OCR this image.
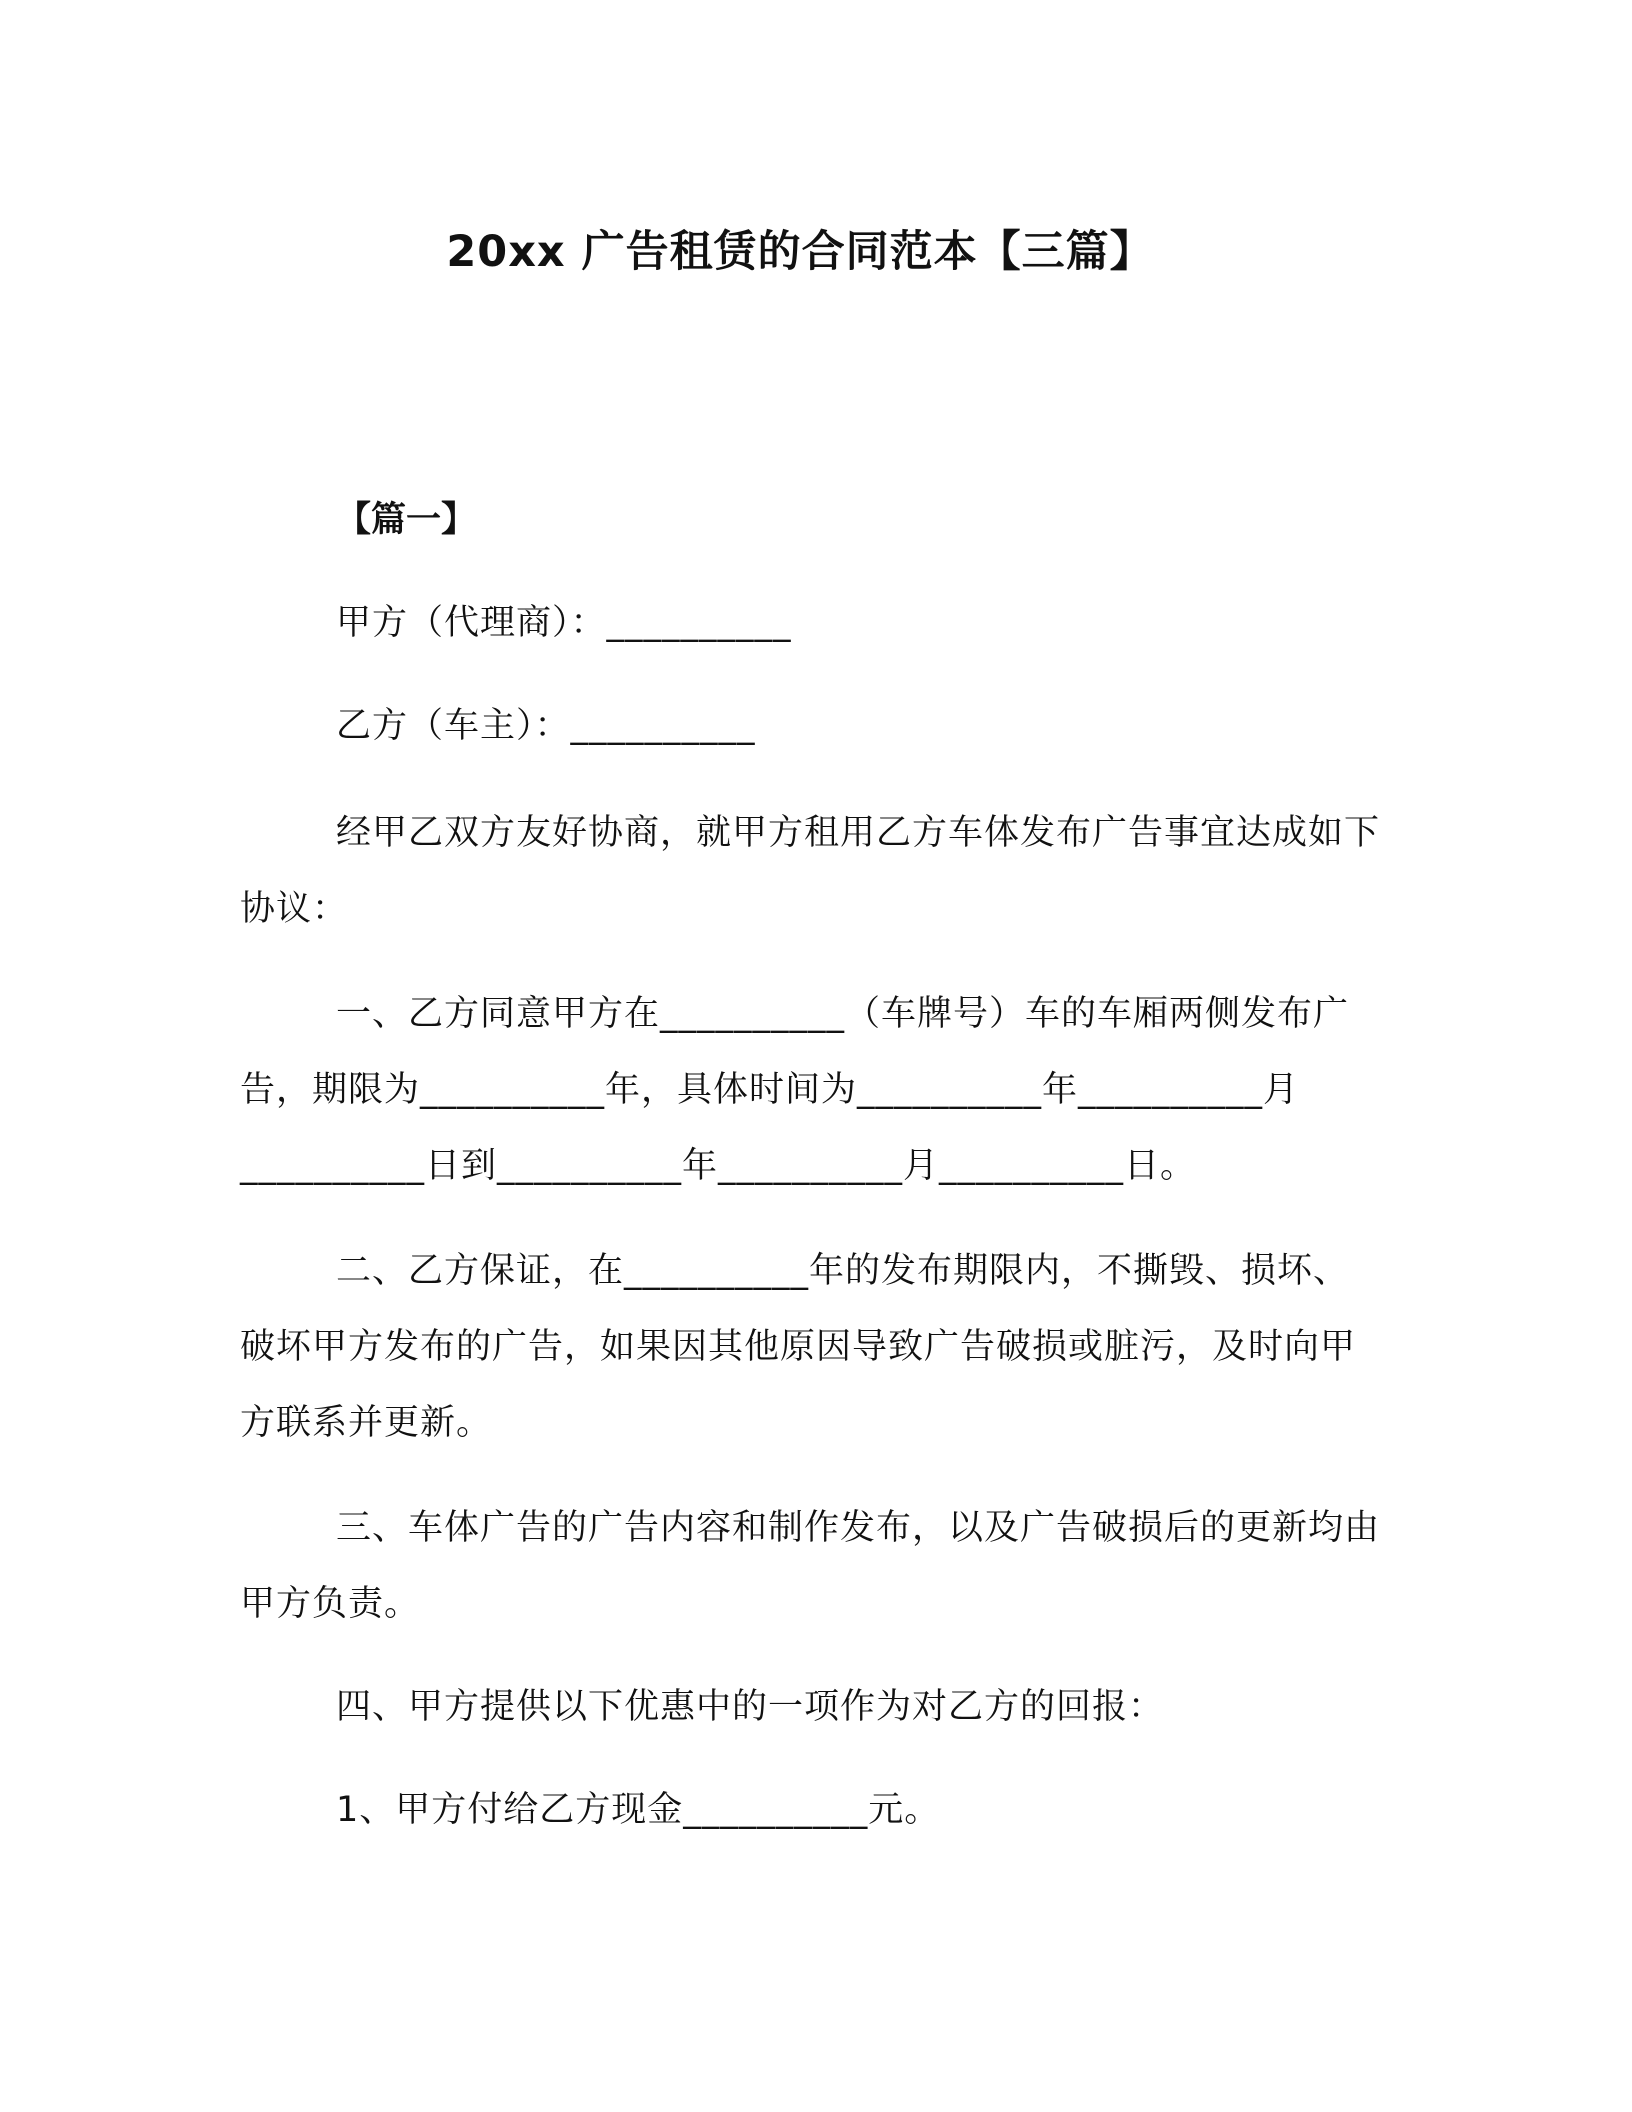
20xx 广告租赁的合同范本【三篇】
【篇一】
甲方（代理商）：__________
乙方（车主）：__________
经甲乙双方友好协商，就甲方租用乙方车体发布广告事宜达成如下协议：
一、乙方同意甲方在__________（车牌号）车的车厢两侧发布广告，期限为__________年，具体时间为__________年__________月__________日到__________年__________月__________日。
二、乙方保证，在__________年的发布期限内，不撕毁、损坏、破坏甲方发布的广告，如果因其他原因导致广告破损或脏污，及时向甲方联系并更新。
三、车体广告的广告内容和制作发布，以及广告破损后的更新均由甲方负责。
四、甲方提供以下优惠中的一项作为对乙方的回报：
1、甲方付给乙方现金__________元。
